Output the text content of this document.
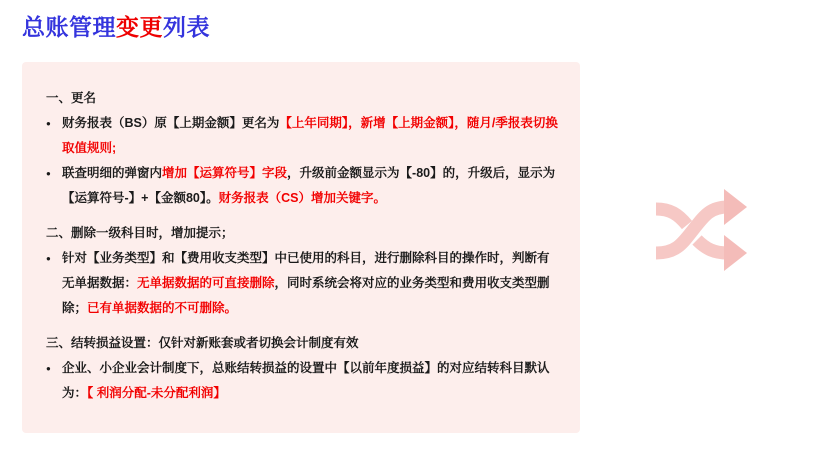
总账管理变更列表
一、更名
● 财务报表（BS）原【上期金额】更名为【上年同期】，新增【上期金额】，随月/季报表切换取值规则;

● 联查明细的弹窗内增加【运算符号】字段，升级前金额显示为【-80】的，升级后，显示为【运算符号-】+【金额80】。财务报表（CS）增加关键字。

二、删除一级科目时，增加提示；
● 针对【业务类型】和【费用收支类型】中已使用的科目，进行删除科目的操作时，判断有无单据数据：无单据数据的可直接删除，同时系统会将对应的业务类型和费用收支类型删除；已有单据数据的不可删除。

三、结转损益设置：仅针对新账套或者切换会计制度有效
● 企业、小企业会计制度下，总账结转损益的设置中【以前年度损益】的对应结转科目默认为：【 利润分配-未分配利润】
